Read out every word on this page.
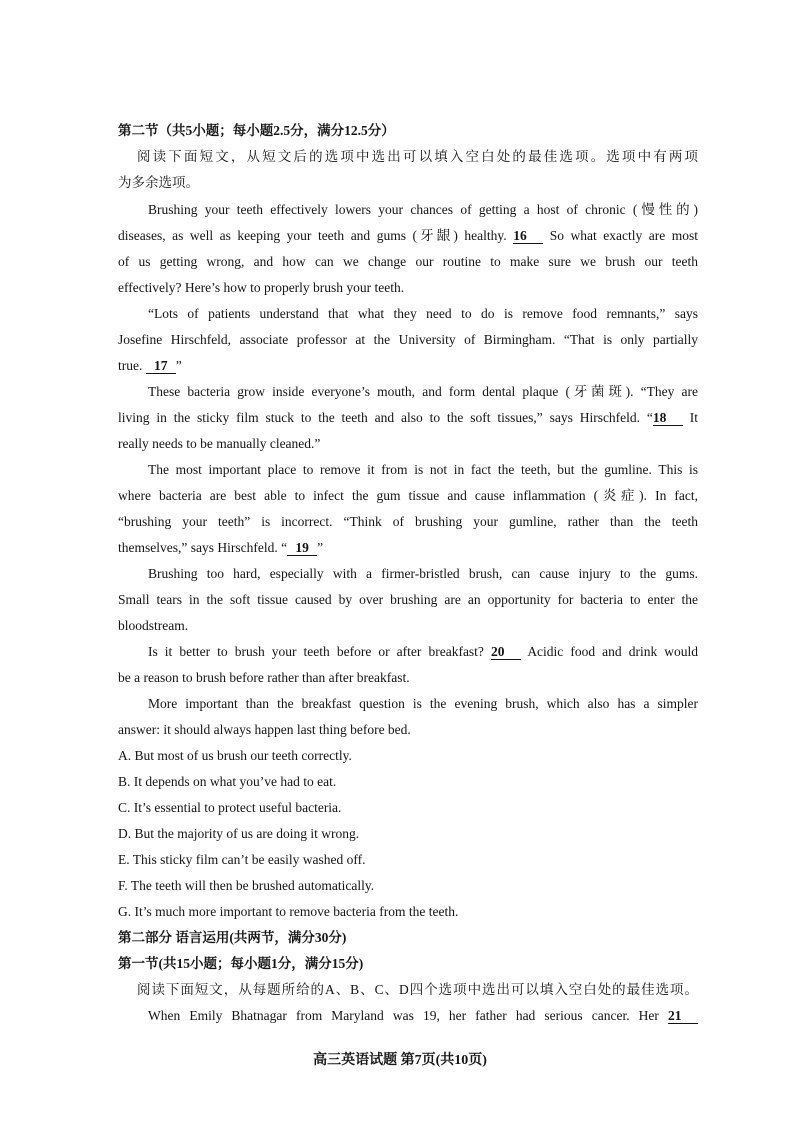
第二节（共5小题；每小题2.5分，满分12.5分）
阅读下面短文，从短文后的选项中选出可以填入空白处的最佳选项。选项中有两项
为多余选项。
Brushing your teeth effectively lowers your chances of getting a host of chronic (慢性的)
diseases, as well as keeping your teeth and gums (牙龈) healthy. 16 So what exactly are most
of us getting wrong, and how can we change our routine to make sure we brush our teeth
effectively? Here’s how to properly brush your teeth.
“Lots of patients understand that what they need to do is remove food remnants,” says
Josefine Hirschfeld, associate professor at the University of Birmingham. “That is only partially
true. 17 ”
These bacteria grow inside everyone’s mouth, and form dental plaque (牙菌斑). “They are
living in the sticky film stuck to the teeth and also to the soft tissues,” says Hirschfeld. “18 It
really needs to be manually cleaned.”
The most important place to remove it from is not in fact the teeth, but the gumline. This is
where bacteria are best able to infect the gum tissue and cause inflammation (炎症). In fact,
“brushing your teeth” is incorrect. “Think of brushing your gumline, rather than the teeth
themselves,” says Hirschfeld. “ 19 ”
Brushing too hard, especially with a firmer-bristled brush, can cause injury to the gums.
Small tears in the soft tissue caused by over brushing are an opportunity for bacteria to enter the
bloodstream.
Is it better to brush your teeth before or after breakfast? 20 Acidic food and drink would
be a reason to brush before rather than after breakfast.
More important than the breakfast question is the evening brush, which also has a simpler
answer: it should always happen last thing before bed.
A. But most of us brush our teeth correctly.
B. It depends on what you’ve had to eat.
C. It’s essential to protect useful bacteria.
D. But the majority of us are doing it wrong.
E. This sticky film can’t be easily washed off.
F. The teeth will then be brushed automatically.
G. It’s much more important to remove bacteria from the teeth.
第二部分 语言运用(共两节，满分30分)
第一节(共15小题；每小题1分，满分15分)
阅读下面短文，从每题所给的A、B、C、D四个选项中选出可以填入空白处的最佳选项。
When Emily Bhatnagar from Maryland was 19, her father had serious cancer. Her 21
高三英语试题 第7页(共10页)
